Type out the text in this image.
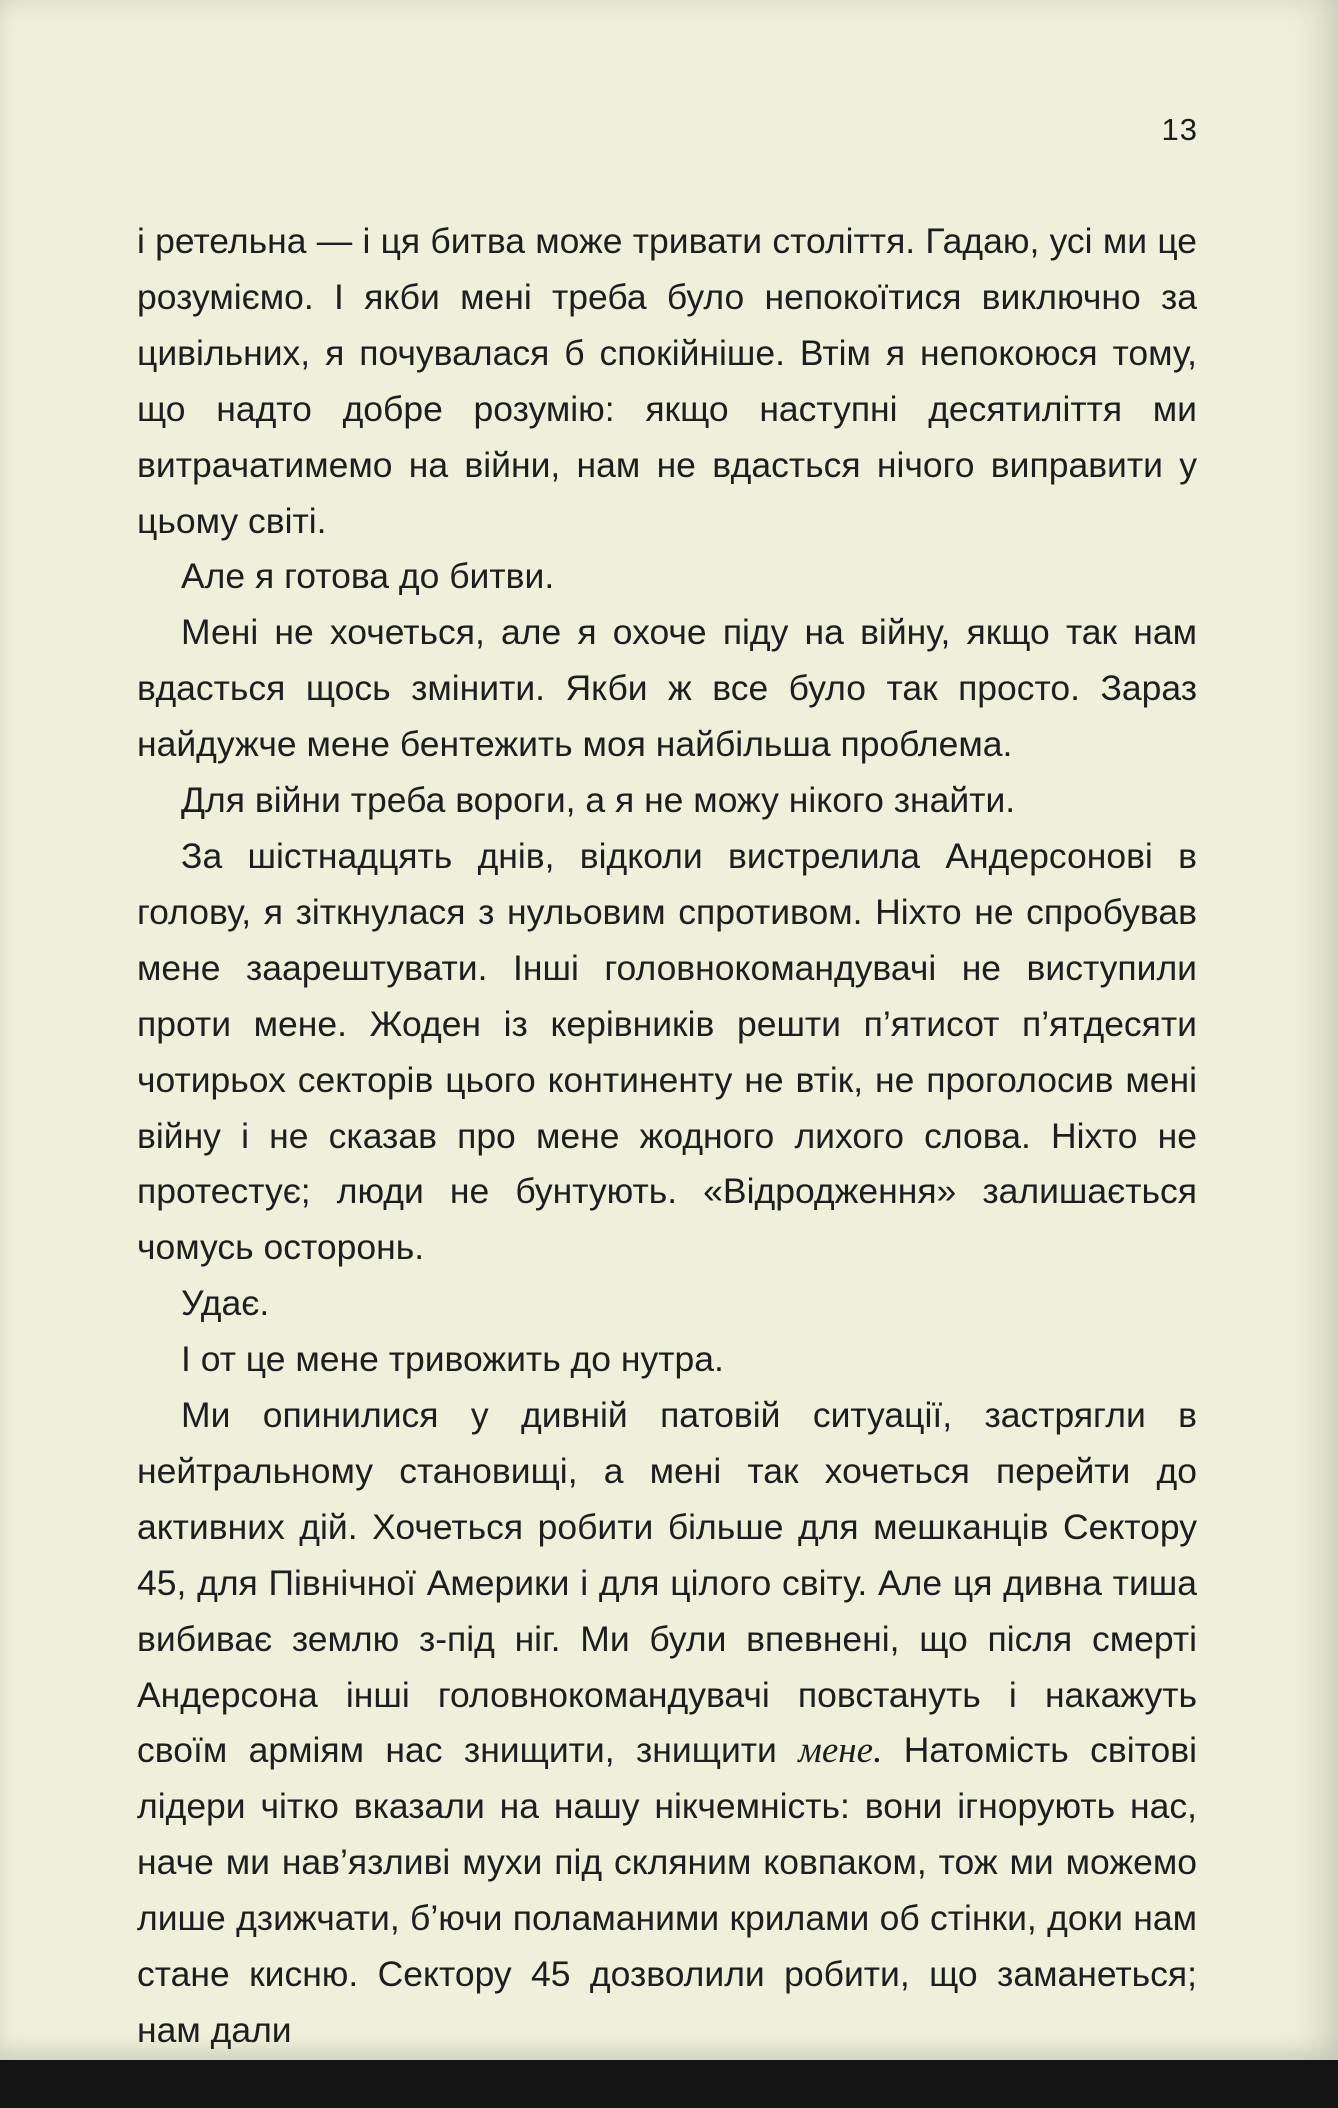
13

і ретельна — і ця битва може тривати століття. Гадаю, усі ми це розуміємо. І якби мені треба було непокоїтися виключно за цивільних, я почувалася б спокійніше. Втім я непокоюся тому, що надто добре розумію: якщо наступні десятиліття ми витрачатимемо на війни, нам не вдасться нічого виправити у цьому світі.

Але я готова до битви.

Мені не хочеться, але я охоче піду на війну, якщо так нам вдасться щось змінити. Якби ж все було так просто. Зараз найдужче мене бентежить моя найбільша проблема.

Для війни треба вороги, а я не можу нікого знайти.

За шістнадцять днів, відколи вистрелила Андерсонові в голову, я зіткнулася з нульовим спротивом. Ніхто не спробував мене заарештувати. Інші головнокомандувачі не виступили проти мене. Жоден із керівників решти п’ятисот п’ятдесяти чотирьох секторів цього континенту не втік, не проголосив мені війну і не сказав про мене жодного лихого слова. Ніхто не протестує; люди не бунтують. «Відродження» залишається чомусь осторонь.

Удає.

І от це мене тривожить до нутра.

Ми опинилися у дивній патовій ситуації, застрягли в нейтральному становищі, а мені так хочеться перейти до активних дій. Хочеться робити більше для мешканців Сектору 45, для Північної Америки і для цілого світу. Але ця дивна тиша вибиває землю з-під ніг. Ми були впевнені, що після смерті Андерсона інші головнокомандувачі повстануть і накажуть своїм арміям нас знищити, знищити мене. Натомість світові лідери чітко вказали на нашу нікчемність: вони ігнорують нас, наче ми нав’язливі мухи під скляним ковпаком, тож ми можемо лише дзижчати, б’ючи поламаними крилами об стінки, доки нам стане кисню. Сектору 45 дозволили робити, що заманеться; нам дали
